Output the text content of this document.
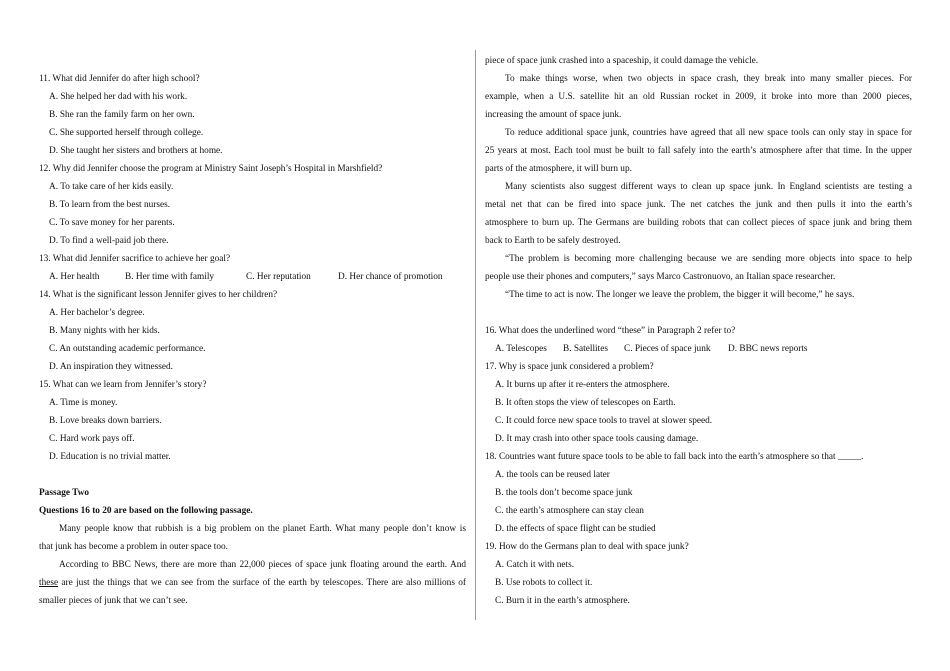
11. What did Jennifer do after high school?
A. She helped her dad with his work.
B. She ran the family farm on her own.
C. She supported herself through college.
D. She taught her sisters and brothers at home.
12. Why did Jennifer choose the program at Ministry Saint Joseph’s Hospital in Marshfield?
A. To take care of her kids easily.
B. To learn from the best nurses.
C. To save money for her parents.
D. To find a well-paid job there.
13. What did Jennifer sacrifice to achieve her goal?
A. Her health	B. Her time with family	C. Her reputation	D. Her chance of promotion
14. What is the significant lesson Jennifer gives to her children?
A. Her bachelor’s degree.
B. Many nights with her kids.
C. An outstanding academic performance.
D. An inspiration they witnessed.
15. What can we learn from Jennifer’s story?
A. Time is money.
B. Love breaks down barriers.
C. Hard work pays off.
D. Education is no trivial matter.
Passage Two
Questions 16 to 20 are based on the following passage.
Many people know that rubbish is a big problem on the planet Earth. What many people don’t know is
that junk has become a problem in outer space too.
According to BBC News, there are more than 22,000 pieces of space junk floating around the earth. And
these are just the things that we can see from the surface of the earth by telescopes. There are also millions of
smaller pieces of junk that we can’t see.
piece of space junk crashed into a spaceship, it could damage the vehicle.
To make things worse, when two objects in space crash, they break into many smaller pieces. For
example, when a U.S. satellite hit an old Russian rocket in 2009, it broke into more than 2000 pieces,
increasing the amount of space junk.
To reduce additional space junk, countries have agreed that all new space tools can only stay in space for
25 years at most. Each tool must be built to fall safely into the earth’s atmosphere after that time. In the upper
parts of the atmosphere, it will burn up.
Many scientists also suggest different ways to clean up space junk. In England scientists are testing a
metal net that can be fired into space junk. The net catches the junk and then pulls it into the earth’s
atmosphere to burn up. The Germans are building robots that can collect pieces of space junk and bring them
back to Earth to be safely destroyed.
“The problem is becoming more challenging because we are sending more objects into space to help
people use their phones and computers,” says Marco Castronuovo, an Italian space researcher.
“The time to act is now. The longer we leave the problem, the bigger it will become,” he says.
16. What does the underlined word “these” in Paragraph 2 refer to?
A. Telescopes B. Satellites C. Pieces of space junk D. BBC news reports
17. Why is space junk considered a problem?
A. It burns up after it re-enters the atmosphere.
B. It often stops the view of telescopes on Earth.
C. It could force new space tools to travel at slower speed.
D. It may crash into other space tools causing damage.
18. Countries want future space tools to be able to fall back into the earth’s atmosphere so that _____.
A. the tools can be reused later
B. the tools don’t become space junk
C. the earth’s atmosphere can stay clean
D. the effects of space flight can be studied
19. How do the Germans plan to deal with space junk?
A. Catch it with nets.
B. Use robots to collect it.
C. Burn it in the earth’s atmosphere.
